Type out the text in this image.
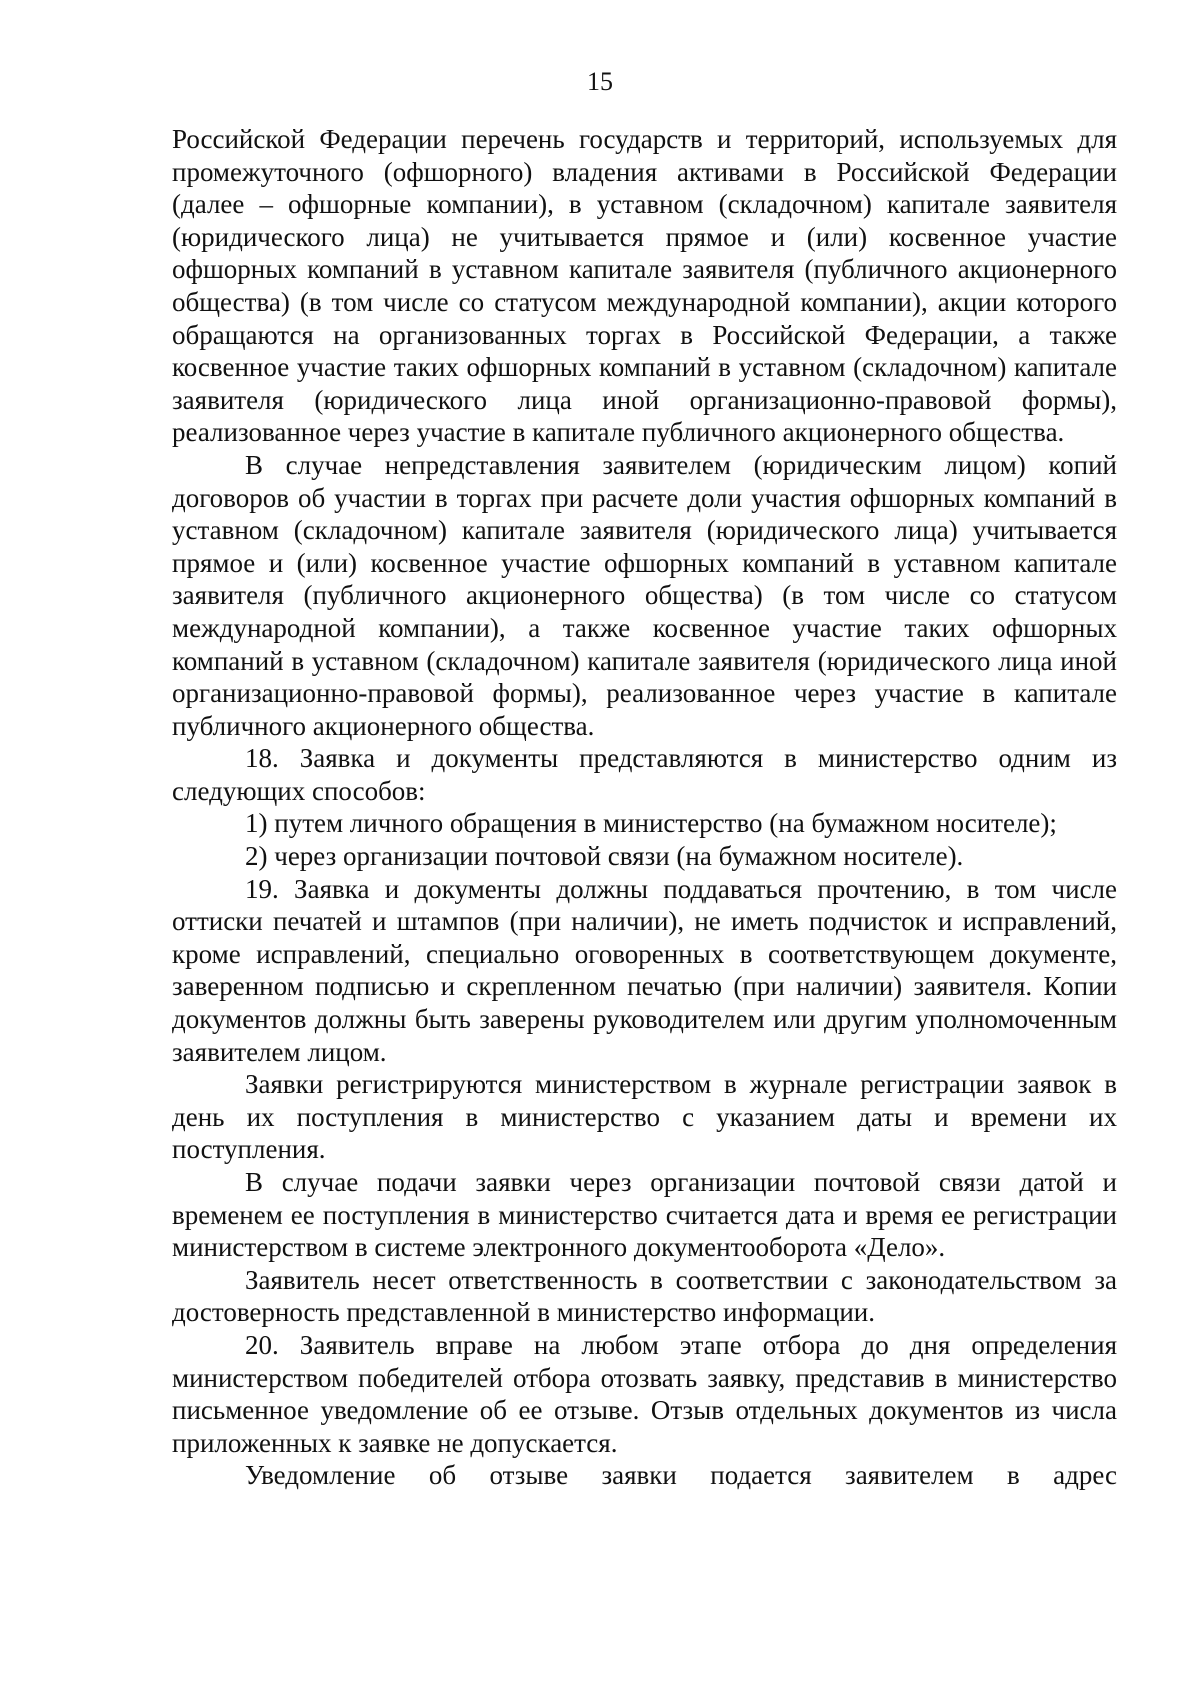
15

Российской Федерации перечень государств и территорий, используемых для промежуточного (офшорного) владения активами в Российской Федерации (далее – офшорные компании), в уставном (складочном) капитале заявителя (юридического лица) не учитывается прямое и (или) косвенное участие офшорных компаний в уставном капитале заявителя (публичного акционерного общества) (в том числе со статусом международной компании), акции которого обращаются на организованных торгах в Российской Федерации, а также косвенное участие таких офшорных компаний в уставном (складочном) капитале заявителя (юридического лица иной организационно-правовой формы), реализованное через участие в капитале публичного акционерного общества.

В случае непредставления заявителем (юридическим лицом) копий договоров об участии в торгах при расчете доли участия офшорных компаний в уставном (складочном) капитале заявителя (юридического лица) учитывается прямое и (или) косвенное участие офшорных компаний в уставном капитале заявителя (публичного акционерного общества) (в том числе со статусом международной компании), а также косвенное участие таких офшорных компаний в уставном (складочном) капитале заявителя (юридического лица иной организационно-правовой формы), реализованное через участие в капитале публичного акционерного общества.

18. Заявка и документы представляются в министерство одним из следующих способов:

1) путем личного обращения в министерство (на бумажном носителе);

2) через организации почтовой связи (на бумажном носителе).

19. Заявка и документы должны поддаваться прочтению, в том числе оттиски печатей и штампов (при наличии), не иметь подчисток и исправлений, кроме исправлений, специально оговоренных в соответствующем документе, заверенном подписью и скрепленном печатью (при наличии) заявителя. Копии документов должны быть заверены руководителем или другим уполномоченным заявителем лицом.

Заявки регистрируются министерством в журнале регистрации заявок в день их поступления в министерство с указанием даты и времени их поступления.

В случае подачи заявки через организации почтовой связи датой и временем ее поступления в министерство считается дата и время ее регистрации министерством в системе электронного документооборота «Дело».

Заявитель несет ответственность в соответствии с законодательством за достоверность представленной в министерство информации.

20. Заявитель вправе на любом этапе отбора до дня определения министерством победителей отбора отозвать заявку, представив в министерство письменное уведомление об ее отзыве. Отзыв отдельных документов из числа приложенных к заявке не допускается.

Уведомление об отзыве заявки подается заявителем в адрес
